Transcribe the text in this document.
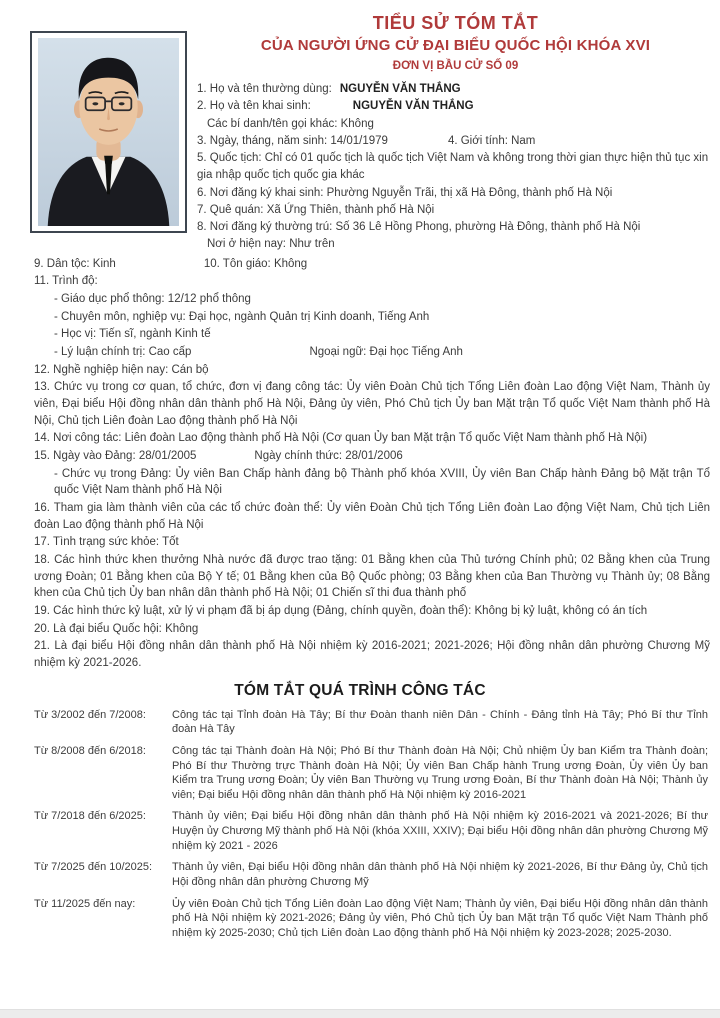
TIỂU SỬ TÓM TẮT
CỦA NGƯỜI ỨNG CỬ ĐẠI BIỂU QUỐC HỘI KHÓA XVI
ĐƠN VỊ BẦU CỬ SỐ 09

1. Họ và tên thường dùng: NGUYỄN VĂN THẮNG

2. Họ và tên khai sinh:	NGUYỄN VĂN THẮNG

Các bí danh/tên gọi khác: Không

3. Ngày, tháng, năm sinh: 14/01/1979	4. Giới tính: Nam

5. Quốc tịch: Chỉ có 01 quốc tịch là quốc tịch Việt Nam và không trong thời gian thực hiện thủ tục xin gia nhập quốc tịch quốc gia khác

6. Nơi đăng ký khai sinh: Phường Nguyễn Trãi, thị xã Hà Đông, thành phố Hà Nội

7. Quê quán: Xã Ứng Thiên, thành phố Hà Nội

8. Nơi đăng ký thường trú: Số 36 Lê Hồng Phong, phường Hà Đông, thành phố Hà Nội

Nơi ở hiện nay: Như trên

9. Dân tộc: Kinh	10. Tôn giáo: Không

11. Trình độ:

- Giáo dục phổ thông: 12/12 phổ thông

- Chuyên môn, nghiệp vụ: Đại học, ngành Quản trị Kinh doanh, Tiếng Anh

- Học vị: Tiến sĩ, ngành Kinh tế

- Lý luận chính trị: Cao cấp	Ngoại ngữ: Đại học Tiếng Anh

12. Nghề nghiệp hiện nay: Cán bộ

13. Chức vụ trong cơ quan, tổ chức, đơn vị đang công tác: Ủy viên Đoàn Chủ tịch Tổng Liên đoàn Lao động Việt Nam, Thành ủy viên, Đại biểu Hội đồng nhân dân thành phố Hà Nội, Đảng ủy viên, Phó Chủ tịch Ủy ban Mặt trận Tổ quốc Việt Nam thành phố Hà Nội, Chủ tịch Liên đoàn Lao động thành phố Hà Nội

14. Nơi công tác: Liên đoàn Lao động thành phố Hà Nội (Cơ quan Ủy ban Mặt trận Tổ quốc Việt Nam thành phố Hà Nội)

15. Ngày vào Đảng: 28/01/2005	Ngày chính thức: 28/01/2006

- Chức vụ trong Đảng: Ủy viên Ban Chấp hành đảng bộ Thành phố khóa XVIII, Ủy viên Ban Chấp hành Đảng bộ Mặt trận Tổ quốc Việt Nam thành phố Hà Nội

16. Tham gia làm thành viên của các tổ chức đoàn thể: Ủy viên Đoàn Chủ tịch Tổng Liên đoàn Lao động Việt Nam, Chủ tịch Liên đoàn Lao động thành phố Hà Nội

17. Tình trạng sức khỏe: Tốt

18. Các hình thức khen thưởng Nhà nước đã được trao tặng: 01 Bằng khen của Thủ tướng Chính phủ; 02 Bằng khen của Trung ương Đoàn; 01 Bằng khen của Bộ Y tế; 01 Bằng khen của Bộ Quốc phòng; 03 Bằng khen của Ban Thường vụ Thành ủy; 08 Bằng khen của Chủ tịch Ủy ban nhân dân thành phố Hà Nội; 01 Chiến sĩ thi đua thành phố

19. Các hình thức kỷ luật, xử lý vi phạm đã bị áp dụng (Đảng, chính quyền, đoàn thể): Không bị kỷ luật, không có án tích

20. Là đại biểu Quốc hội: Không

21. Là đại biểu Hội đồng nhân dân thành phố Hà Nội nhiệm kỳ 2016-2021; 2021-2026; Hội đồng nhân dân phường Chương Mỹ nhiệm kỳ 2021-2026.

TÓM TẮT QUÁ TRÌNH CÔNG TÁC
Từ 3/2002 đến 7/2008:	Công tác tại Tỉnh đoàn Hà Tây; Bí thư Đoàn thanh niên Dân - Chính - Đảng tỉnh Hà Tây; Phó Bí thư Tỉnh đoàn Hà Tây
Từ 8/2008 đến 6/2018:	Công tác tại Thành đoàn Hà Nội; Phó Bí thư Thành đoàn Hà Nội; Chủ nhiệm Ủy ban Kiểm tra Thành đoàn; Phó Bí thư Thường trực Thành đoàn Hà Nội; Ủy viên Ban Chấp hành Trung ương Đoàn, Ủy viên Ủy ban Kiểm tra Trung ương Đoàn; Ủy viên Ban Thường vụ Trung ương Đoàn, Bí thư Thành đoàn Hà Nội; Thành ủy viên; Đại biểu Hội đồng nhân dân thành phố Hà Nội nhiệm kỳ 2016-2021
Từ 7/2018 đến 6/2025:	Thành ủy viên; Đại biểu Hội đồng nhân dân thành phố Hà Nội nhiệm kỳ 2016-2021 và 2021-2026; Bí thư Huyện ủy Chương Mỹ thành phố Hà Nội (khóa XXIII, XXIV); Đại biểu Hội đồng nhân dân phường Chương Mỹ nhiệm kỳ 2021 - 2026
Từ 7/2025 đến 10/2025:	Thành ủy viên, Đại biểu Hội đồng nhân dân thành phố Hà Nội nhiệm kỳ 2021-2026, Bí thư Đảng ủy, Chủ tịch Hội đồng nhân dân phường Chương Mỹ
Từ 11/2025 đến nay:	Ủy viên Đoàn Chủ tịch Tổng Liên đoàn Lao động Việt Nam; Thành ủy viên, Đại biểu Hội đồng nhân dân thành phố Hà Nội nhiệm kỳ 2021-2026; Đảng ủy viên, Phó Chủ tịch Ủy ban Mặt trận Tổ quốc Việt Nam Thành phố nhiệm kỳ 2025-2030; Chủ tịch Liên đoàn Lao động thành phố Hà Nội nhiệm kỳ 2023-2028; 2025-2030.
